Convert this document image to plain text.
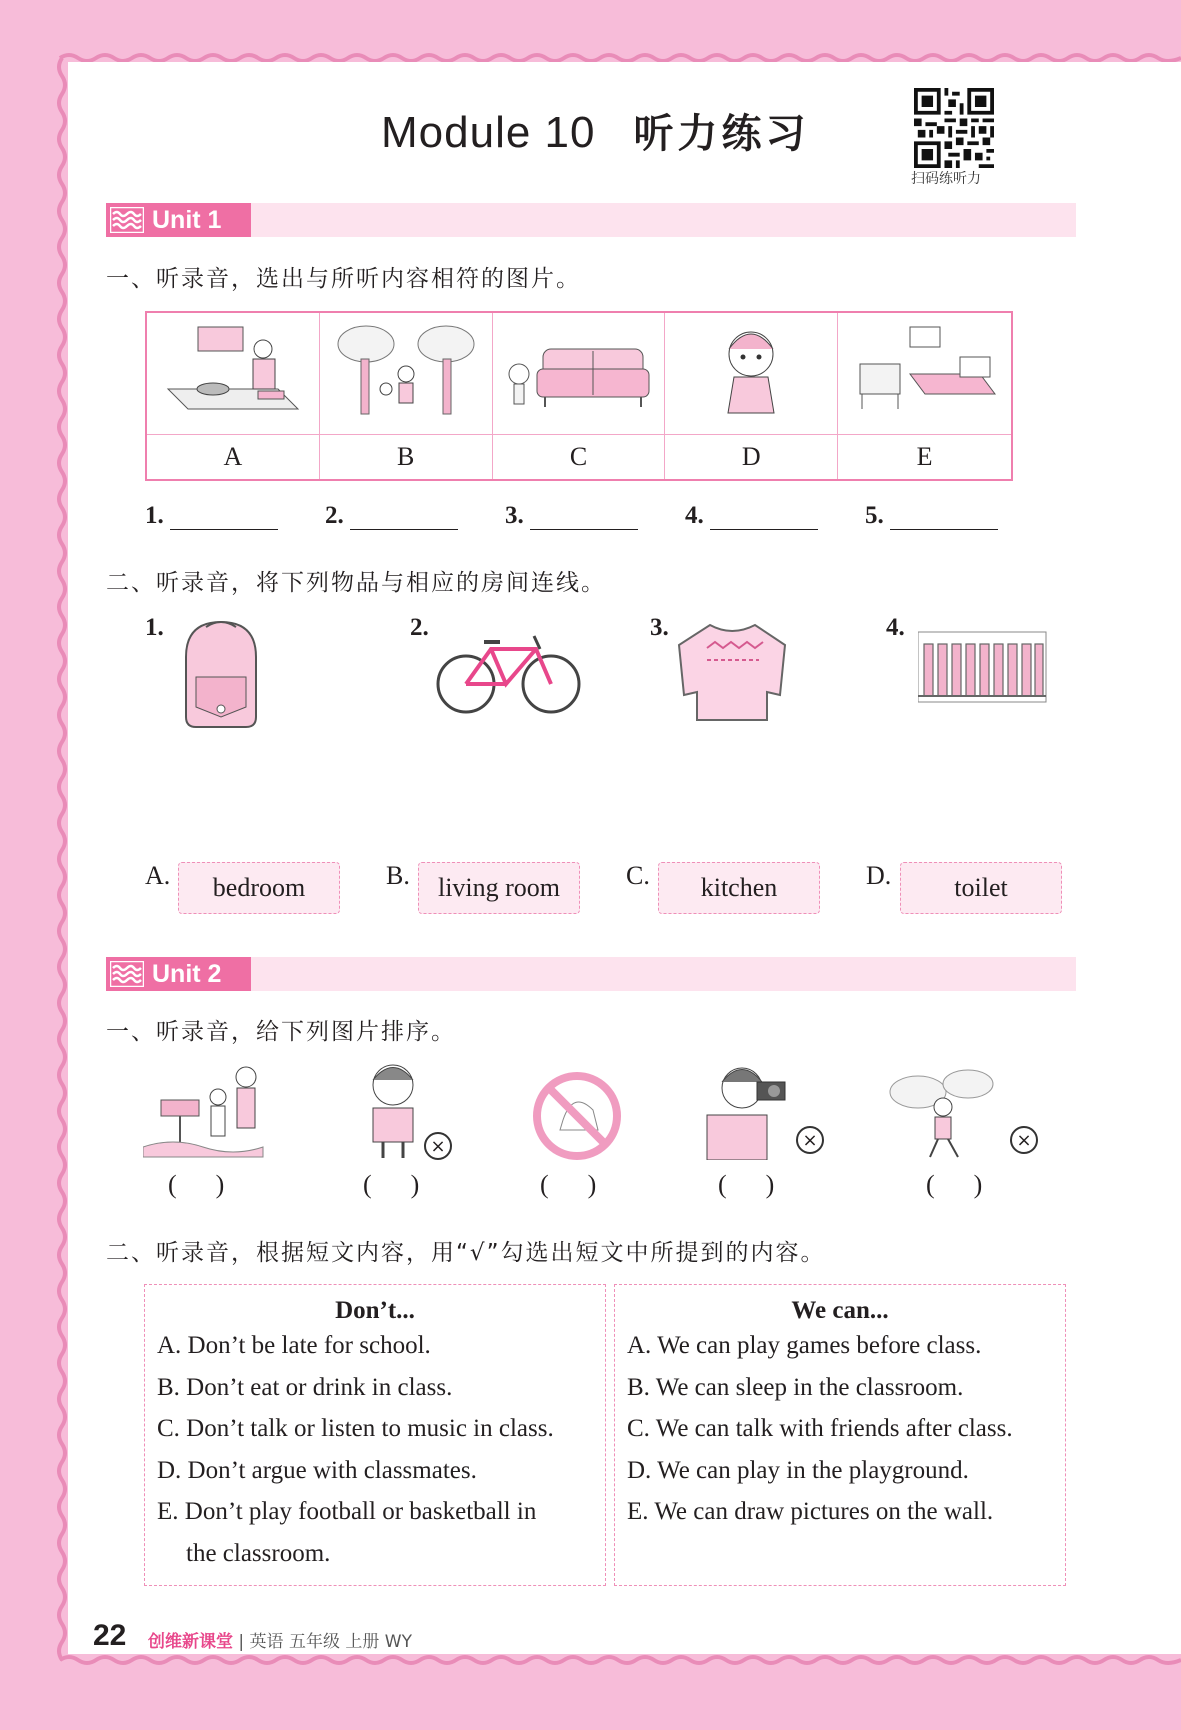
Module 10 听力练习
扫码练听力
Unit 1
一、听录音，选出与所听内容相符的图片。
A	B	C	D	E
1.	2.	3.	4.	5.
二、听录音，将下列物品与相应的房间连线。
1.	2.	3.	4.
A.	bedroom	B.	living room	C.	kitchen	D.	toilet
Unit 2
一、听录音，给下列图片排序。
(      )
×
(      )	(      )
×
(      )
×
(      )
二、听录音，根据短文内容，用“√”勾选出短文中所提到的内容。
Don’t...
A. Don’t be late for school.
B. Don’t eat or drink in class.
C. Don’t talk or listen to music in class.
D. Don’t argue with classmates.
E. Don’t play football or basketball in
the classroom.
We can...
A. We can play games before class.
B. We can sleep in the classroom.
C. We can talk with friends after class.
D. We can play in the playground.
E. We can draw pictures on the wall.
22 创维新课堂 | 英语 五年级 上册 WY
